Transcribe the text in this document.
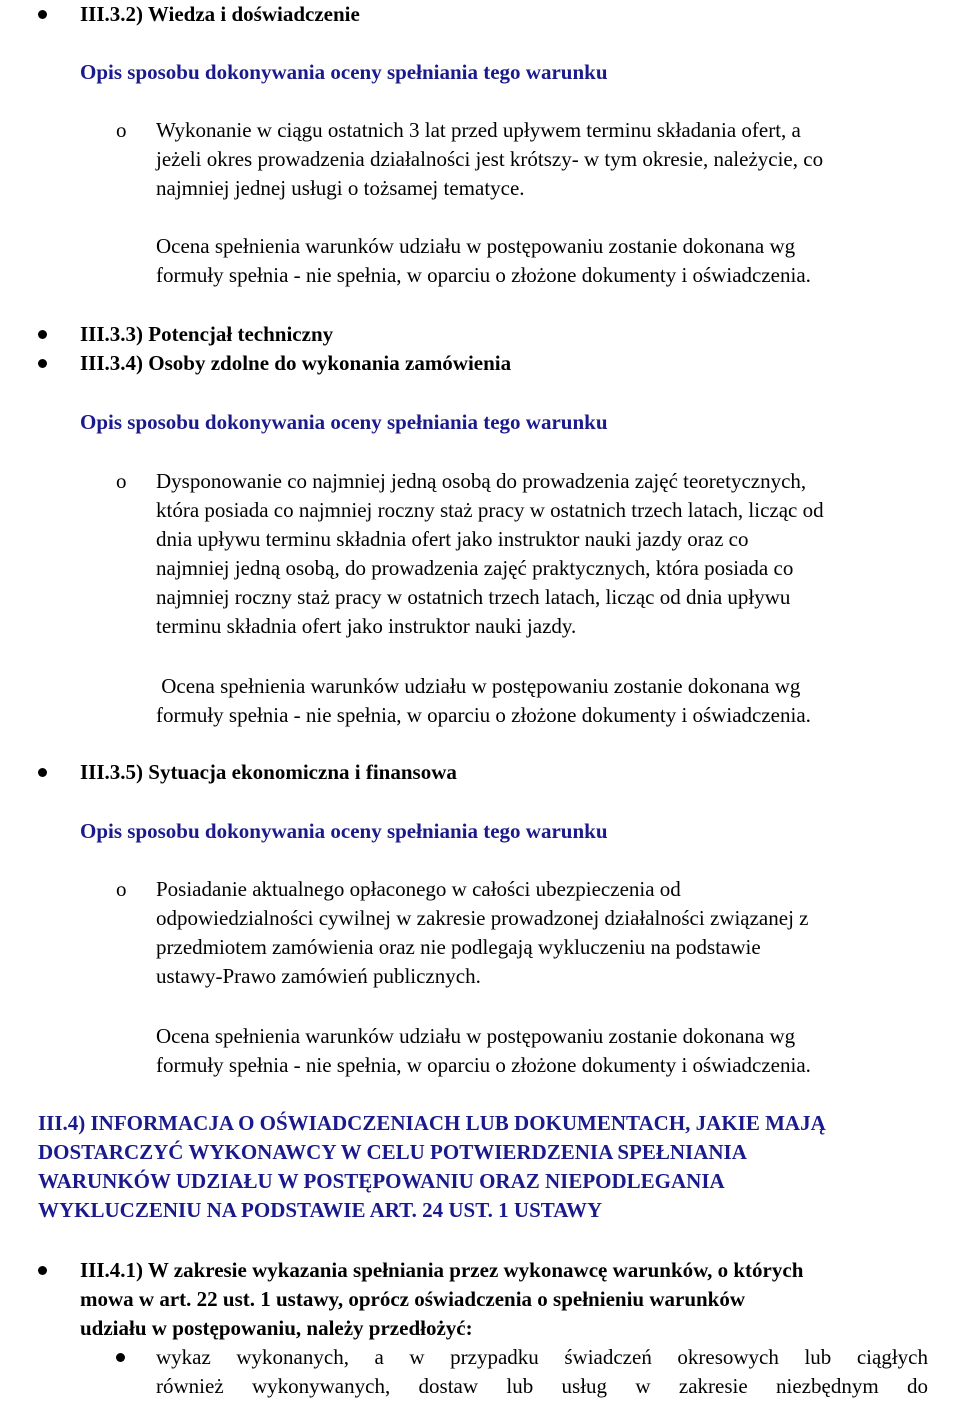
III.3.2) Wiedza i doświadczenie
Opis sposobu dokonywania oceny spełniania tego warunku
o Wykonanie w ciągu ostatnich 3 lat przed upływem terminu składania ofert, a
jeżeli okres prowadzenia działalności jest krótszy- w tym okresie, należycie, co
najmniej jednej usługi o tożsamej tematyce.
Ocena spełnienia warunków udziału w postępowaniu zostanie dokonana wg
formuły spełnia - nie spełnia, w oparciu o złożone dokumenty i oświadczenia.
III.3.3) Potencjał techniczny
III.3.4) Osoby zdolne do wykonania zamówienia
Opis sposobu dokonywania oceny spełniania tego warunku
o Dysponowanie co najmniej jedną osobą do prowadzenia zajęć teoretycznych,
która posiada co najmniej roczny staż pracy w ostatnich trzech latach, licząc od
dnia upływu terminu składnia ofert jako instruktor nauki jazdy oraz co
najmniej jedną osobą, do prowadzenia zajęć praktycznych, która posiada co
najmniej roczny staż pracy w ostatnich trzech latach, licząc od dnia upływu
terminu składnia ofert jako instruktor nauki jazdy.
Ocena spełnienia warunków udziału w postępowaniu zostanie dokonana wg
formuły spełnia - nie spełnia, w oparciu o złożone dokumenty i oświadczenia.
III.3.5) Sytuacja ekonomiczna i finansowa
Opis sposobu dokonywania oceny spełniania tego warunku
o Posiadanie aktualnego opłaconego w całości ubezpieczenia od
odpowiedzialności cywilnej w zakresie prowadzonej działalności związanej z
przedmiotem zamówienia oraz nie podlegają wykluczeniu na podstawie
ustawy-Prawo zamówień publicznych.
Ocena spełnienia warunków udziału w postępowaniu zostanie dokonana wg
formuły spełnia - nie spełnia, w oparciu o złożone dokumenty i oświadczenia.
III.4) INFORMACJA O OŚWIADCZENIACH LUB DOKUMENTACH, JAKIE MAJĄ
DOSTARCZYĆ WYKONAWCY W CELU POTWIERDZENIA SPEŁNIANIA
WARUNKÓW UDZIAŁU W POSTĘPOWANIU ORAZ NIEPODLEGANIA
WYKLUCZENIU NA PODSTAWIE ART. 24 UST. 1 USTAWY
III.4.1) W zakresie wykazania spełniania przez wykonawcę warunków, o których
mowa w art. 22 ust. 1 ustawy, oprócz oświadczenia o spełnieniu warunków
udziału w postępowaniu, należy przedłożyć:
wykaz wykonanych, a w przypadku świadczeń okresowych lub ciągłych
również wykonywanych, dostaw lub usług w zakresie niezbędnym do
